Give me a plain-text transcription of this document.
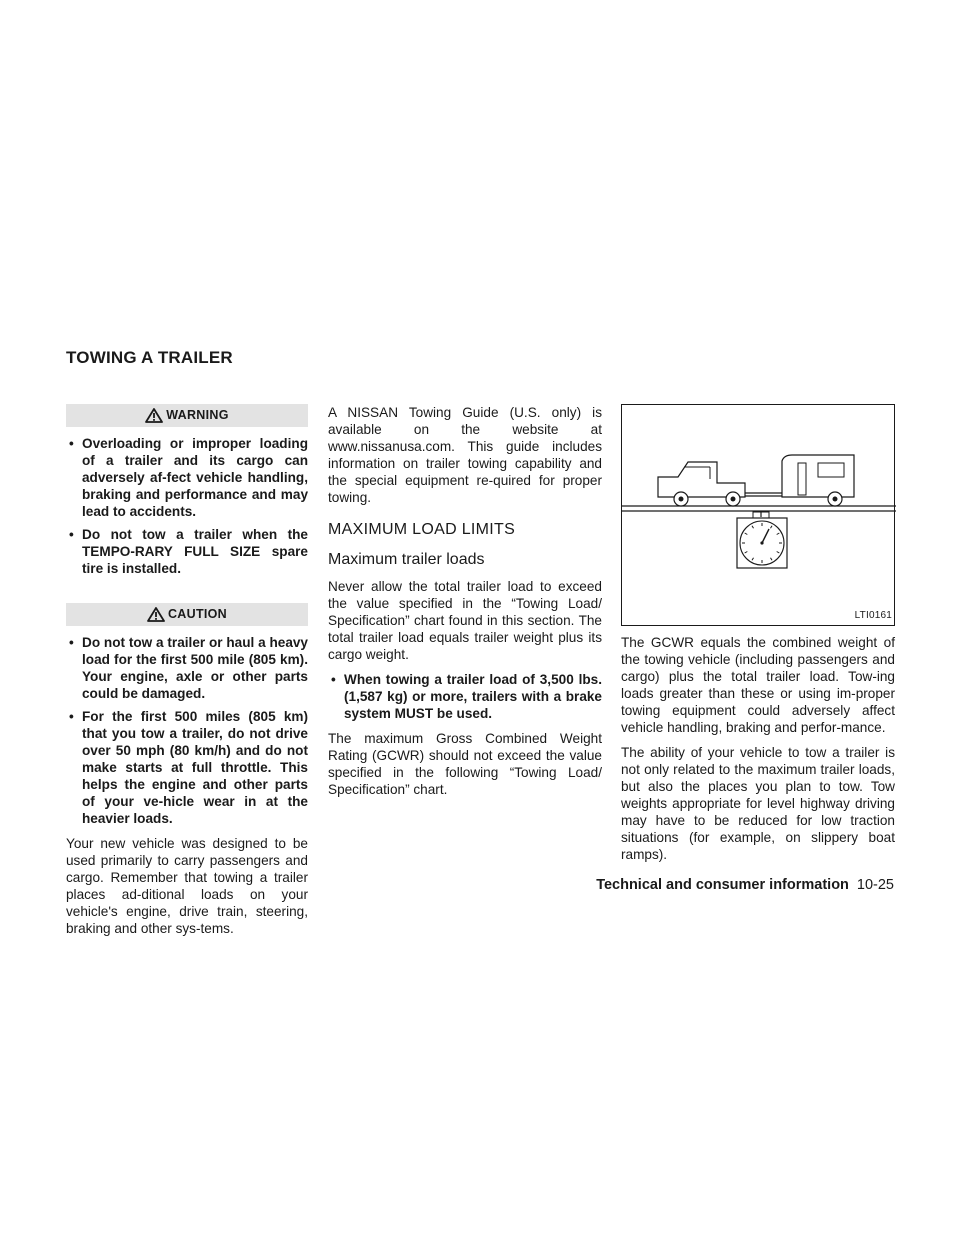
TOWING A TRAILER
WARNING
• Overloading or improper loading of a trailer and its cargo can adversely af-fect vehicle handling, braking and performance and may lead to accidents.
• Do not tow a trailer when the TEMPO-RARY FULL SIZE spare tire is installed.
CAUTION
• Do not tow a trailer or haul a heavy load for the first 500 mile (805 km). Your engine, axle or other parts could be damaged.
• For the first 500 miles (805 km) that you tow a trailer, do not drive over 50 mph (80 km/h) and do not make starts at full throttle. This helps the engine and other parts of your ve-hicle wear in at the heavier loads.

Your new vehicle was designed to be used primarily to carry passengers and cargo. Remember that towing a trailer places ad-ditional loads on your vehicle's engine, drive train, steering, braking and other sys-tems.

A NISSAN Towing Guide (U.S. only) is available on the website at www.nissanusa.com. This guide includes information on trailer towing capability and the special equipment re-quired for proper towing.

MAXIMUM LOAD LIMITS
Maximum trailer loads

Never allow the total trailer load to exceed the value specified in the “Towing Load/ Specification” chart found in this section. The total trailer load equals trailer weight plus its cargo weight.

• When towing a trailer load of 3,500 lbs. (1,587 kg) or more, trailers with a brake system MUST be used.

The maximum Gross Combined Weight Rating (GCWR) should not exceed the value specified in the following “Towing Load/ Specification” chart.

LTI0161

The GCWR equals the combined weight of the towing vehicle (including passengers and cargo) plus the total trailer load. Tow-ing loads greater than these or using im-proper towing equipment could adversely affect vehicle handling, braking and perfor-mance.

The ability of your vehicle to tow a trailer is not only related to the maximum trailer loads, but also the places you plan to tow. Tow weights appropriate for level highway driving may have to be reduced for low traction situations (for example, on slippery boat ramps).

Technical and consumer information 10-25
